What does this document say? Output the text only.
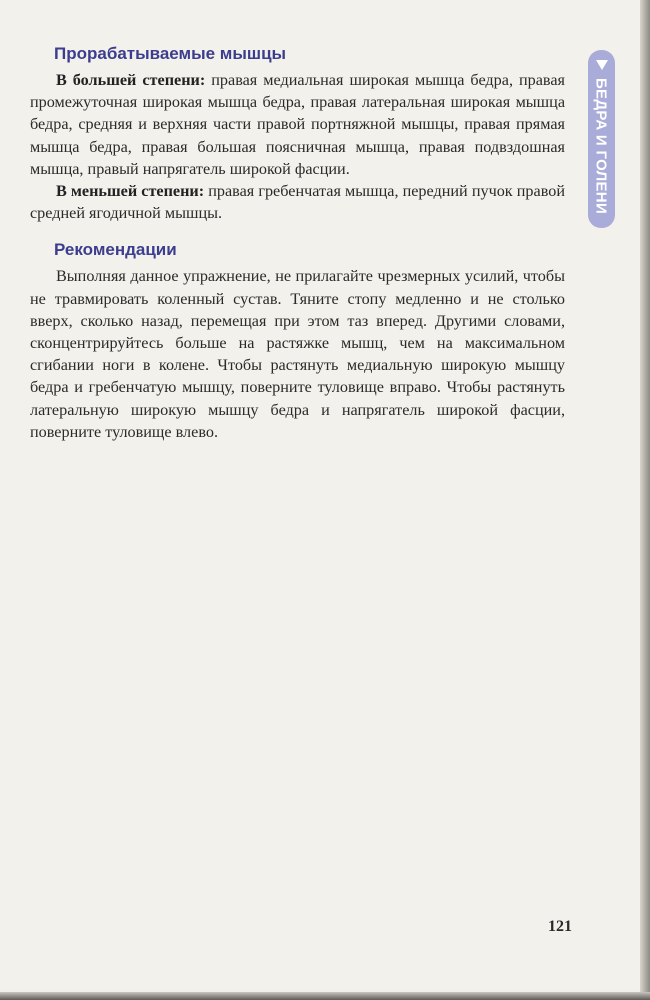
Прорабатываемые мышцы

В большей степени: правая медиальная широкая мышца бедра, правая промежуточная широкая мышца бедра, правая латеральная широкая мышца бедра, средняя и верхняя части правой портняжной мышцы, правая прямая мышца бедра, правая большая поясничная мышца, правая подвздошная мышца, правый напрягатель широкой фасции.

В меньшей степени: правая гребенчатая мышца, передний пучок правой средней ягодичной мышцы.

Рекомендации

Выполняя данное упражнение, не прилагайте чрезмерных усилий, чтобы не травмировать коленный сустав. Тяните стопу медленно и не столько вверх, сколько назад, перемещая при этом таз вперед. Другими словами, сконцентрируйтесь больше на растяжке мышц, чем на максимальном сгибании ноги в колене. Чтобы растянуть медиальную широкую мышцу бедра и гребенчатую мышцу, поверните туловище вправо. Чтобы растянуть латеральную широкую мышцу бедра и напрягатель широкой фасции, поверните туловище влево.

БЕДРА И ГОЛЕНИ
121
